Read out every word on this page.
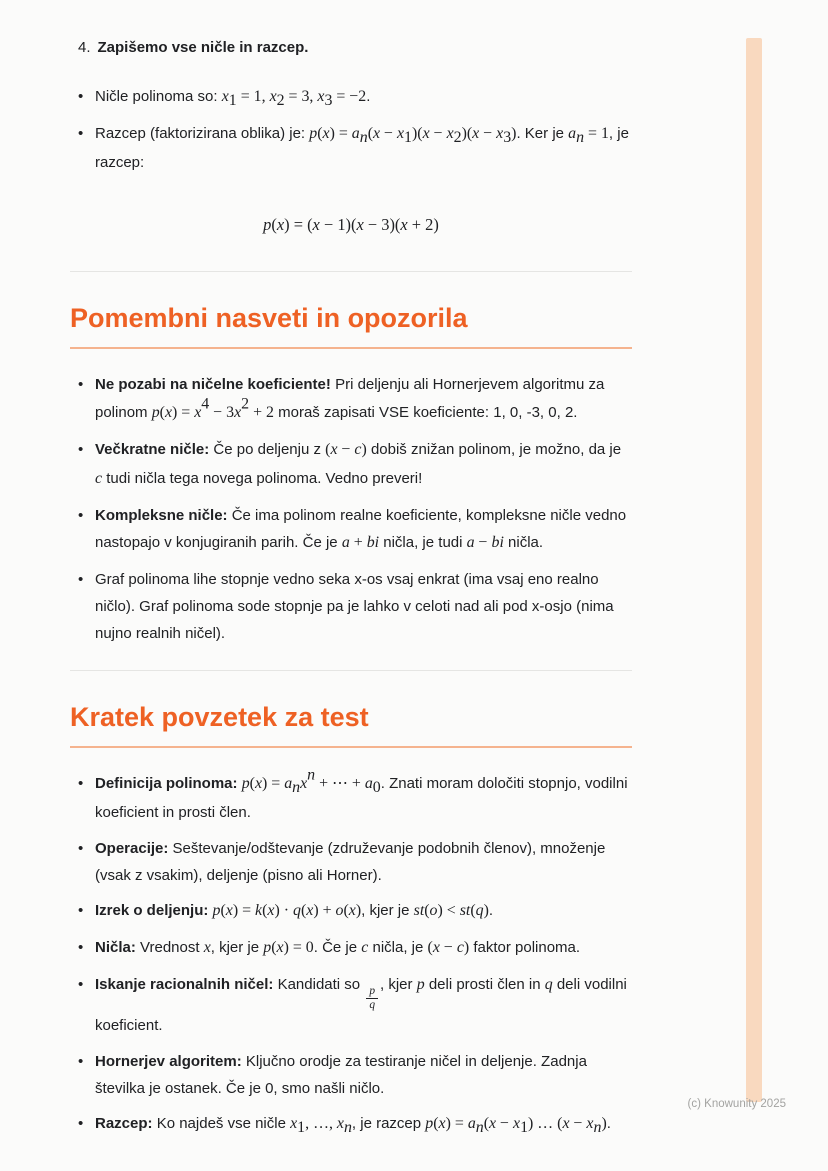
4. Zapišemo vse ničle in razcep.

• Ničle polinoma so: $x_1 = 1$, $x_2 = 3$, $x_3 = -2$.
• Razcep (faktorizirana oblika) je: $p(x) = a_n(x - x_1)(x - x_2)(x - x_3)$. Ker je $a_n = 1$, je razcep:

p(x) = (x − 1)(x − 3)(x + 2)

Pomembni nasveti in opozorila
• Ne pozabi na ničelne koeficiente! Pri deljenju ali Hornerjevem algoritmu za polinom $p(x) = x^4 - 3x^2 + 2$ moraš zapisati VSE koeficiente: 1, 0, -3, 0, 2.
• Večkratne ničle: Če po deljenju z (x − c) dobiš znižan polinom, je možno, da je c tudi ničla tega novega polinoma. Vedno preveri!
• Kompleksne ničle: Če ima polinom realne koeficiente, kompleksne ničle vedno nastopajo v konjugiranih parih. Če je a + bi ničla, je tudi a − bi ničla.
• Graf polinoma lihe stopnje vedno seka x-os vsaj enkrat (ima vsaj eno realno ničlo). Graf polinoma sode stopnje pa je lahko v celoti nad ali pod x-osjo (nima nujno realnih ničel).
Kratek povzetek za test
• Definicija polinoma: $p(x) = a_nx^n$ + ⋯ + $a_0$. Znati moram določiti stopnjo, vodilni koeficient in prosti člen.
• Operacije: Seštevanje/odštevanje (združevanje podobnih členov), množenje (vsak z vsakim), deljenje (pisno ali Horner).
• Izrek o deljenju: p(x) = k(x) · q(x) + o(x), kjer je st(o) < st(q).
• Ničla: Vrednost x, kjer je p(x) = 0. Če je c ničla, je (x − c) faktor polinoma.
• Iskanje racionalnih ničel: Kandidati so
$\frac{p}{q}$
, kjer p deli prosti člen in q deli vodilni koeficient.
• Hornerjev algoritem: Ključno orodje za testiranje ničel in deljenje. Zadnja številka je ostanek. Če je 0, smo našli ničlo.
• Razcep: Ko najdeš vse ničle $x_1$, …, $x_n$, je razcep $p(x) = a_n(x - x_1)$ … $(x - x_n)$.
(c) Knowunity 2025
